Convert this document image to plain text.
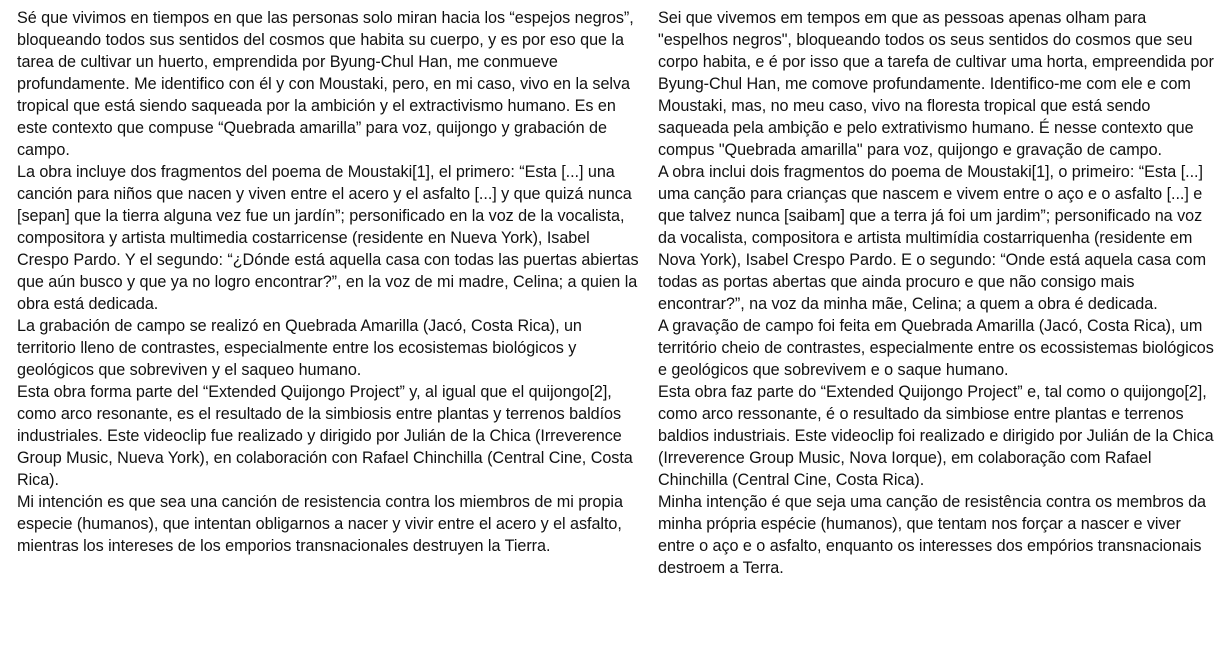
Sé que vivimos en tiempos en que las personas solo miran hacia los “espejos negros”, bloqueando todos sus sentidos del cosmos que habita su cuerpo, y es por eso que la tarea de cultivar un huerto, emprendida por Byung-Chul Han, me conmueve profundamente. Me identifico con él y con Moustaki, pero, en mi caso, vivo en la selva tropical que está siendo saqueada por la ambición y el extractivismo humano. Es en este contexto que compuse “Quebrada amarilla” para voz, quijongo y grabación de campo.

La obra incluye dos fragmentos del poema de Moustaki[1], el primero: “Esta [...] una canción para niños que nacen y viven entre el acero y el asfalto [...] y que quizá nunca [sepan] que la tierra alguna vez fue un jardín”; personificado en la voz de la vocalista, compositora y artista multimedia costarricense (residente en Nueva York), Isabel Crespo Pardo. Y el segundo: “¿Dónde está aquella casa con todas las puertas abiertas que aún busco y que ya no logro encontrar?”, en la voz de mi madre, Celina; a quien la obra está dedicada.

La grabación de campo se realizó en Quebrada Amarilla (Jacó, Costa Rica), un territorio lleno de contrastes, especialmente entre los ecosistemas biológicos y geológicos que sobreviven y el saqueo humano.

Esta obra forma parte del “Extended Quijongo Project” y, al igual que el quijongo[2], como arco resonante, es el resultado de la simbiosis entre plantas y terrenos baldíos industriales. Este videoclip fue realizado y dirigido por Julián de la Chica (Irreverence Group Music, Nueva York), en colaboración con Rafael Chinchilla (Central Cine, Costa Rica).

Mi intención es que sea una canción de resistencia contra los miembros de mi propia especie (humanos), que intentan obligarnos a nacer y vivir entre el acero y el asfalto, mientras los intereses de los emporios transnacionales destruyen la Tierra.

Sei que vivemos em tempos em que as pessoas apenas olham para "espelhos negros", bloqueando todos os seus sentidos do cosmos que seu corpo habita, e é por isso que a tarefa de cultivar uma horta, empreendida por Byung-Chul Han, me comove profundamente. Identifico-me com ele e com Moustaki, mas, no meu caso, vivo na floresta tropical que está sendo saqueada pela ambição e pelo extrativismo humano. É nesse contexto que compus "Quebrada amarilla" para voz, quijongo e gravação de campo.

A obra inclui dois fragmentos do poema de Moustaki[1], o primeiro: “Esta [...] uma canção para crianças que nascem e vivem entre o aço e o asfalto [...] e que talvez nunca [saibam] que a terra já foi um jardim”; personificado na voz da vocalista, compositora e artista multimídia costarriquenha (residente em Nova York), Isabel Crespo Pardo. E o segundo: “Onde está aquela casa com todas as portas abertas que ainda procuro e que não consigo mais encontrar?”, na voz da minha mãe, Celina; a quem a obra é dedicada.

A gravação de campo foi feita em Quebrada Amarilla (Jacó, Costa Rica), um território cheio de contrastes, especialmente entre os ecossistemas biológicos e geológicos que sobrevivem e o saque humano.

Esta obra faz parte do “Extended Quijongo Project” e, tal como o quijongo[2], como arco ressonante, é o resultado da simbiose entre plantas e terrenos baldios industriais. Este videoclip foi realizado e dirigido por Julián de la Chica (Irreverence Group Music, Nova Iorque), em colaboração com Rafael Chinchilla (Central Cine, Costa Rica).

Minha intenção é que seja uma canção de resistência contra os membros da minha própria espécie (humanos), que tentam nos forçar a nascer e viver entre o aço e o asfalto, enquanto os interesses dos empórios transnacionais destroem a Terra.
